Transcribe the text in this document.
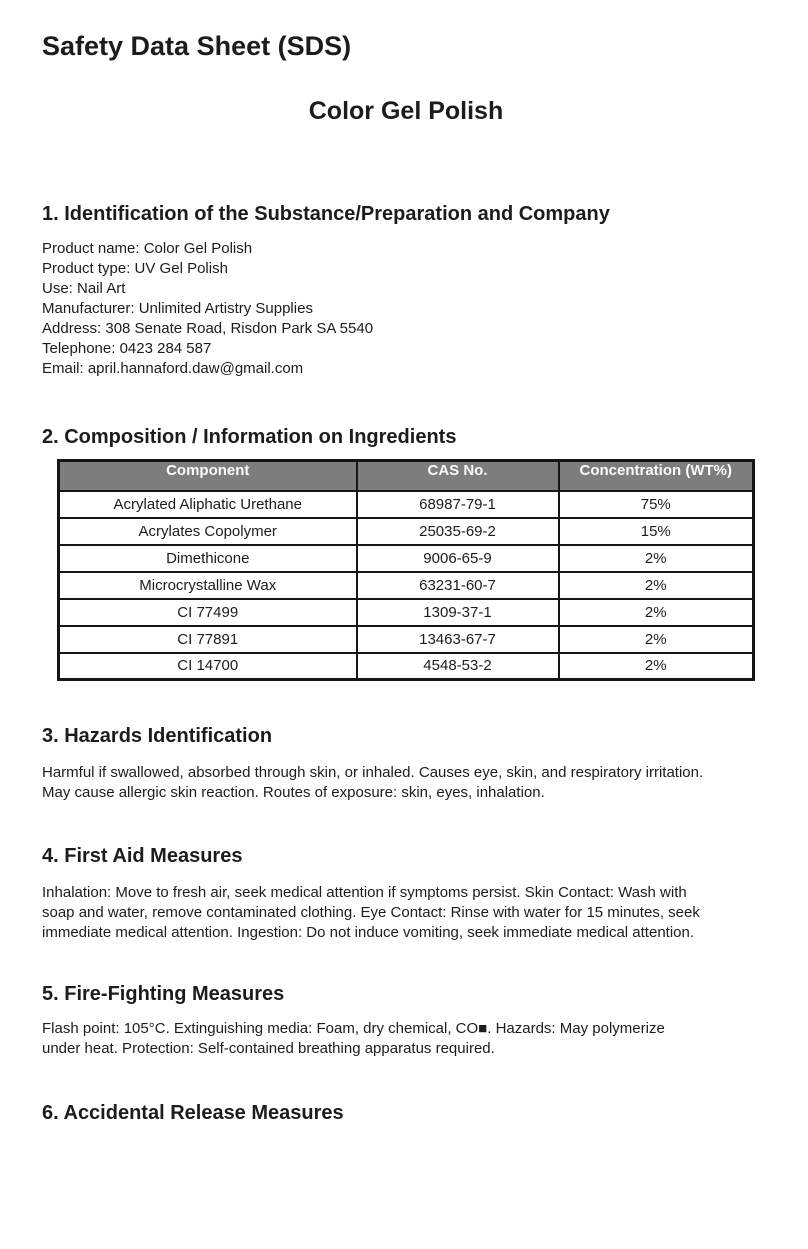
Safety Data Sheet (SDS)
Color Gel Polish
1. Identification of the Substance/Preparation and Company
Product name: Color Gel Polish
Product type: UV Gel Polish
Use: Nail Art
Manufacturer: Unlimited Artistry Supplies
Address: 308 Senate Road, Risdon Park SA 5540
Telephone: 0423 284 587
Email: april.hannaford.daw@gmail.com
2. Composition / Information on Ingredients
Component	CAS No.	Concentration (WT%)
Acrylated Aliphatic Urethane	68987-79-1	75%
Acrylates Copolymer	25035-69-2	15%
Dimethicone	9006-65-9	2%
Microcrystalline Wax	63231-60-7	2%
CI 77499	1309-37-1	2%
CI 77891	13463-67-7	2%
CI 14700	4548-53-2	2%
3. Hazards Identification
Harmful if swallowed, absorbed through skin, or inhaled. Causes eye, skin, and respiratory irritation.
May cause allergic skin reaction. Routes of exposure: skin, eyes, inhalation.
4. First Aid Measures
Inhalation: Move to fresh air, seek medical attention if symptoms persist. Skin Contact: Wash with
soap and water, remove contaminated clothing. Eye Contact: Rinse with water for 15 minutes, seek
immediate medical attention. Ingestion: Do not induce vomiting, seek immediate medical attention.
5. Fire-Fighting Measures
Flash point: 105°C. Extinguishing media: Foam, dry chemical, CO■. Hazards: May polymerize
under heat. Protection: Self-contained breathing apparatus required.
6. Accidental Release Measures
